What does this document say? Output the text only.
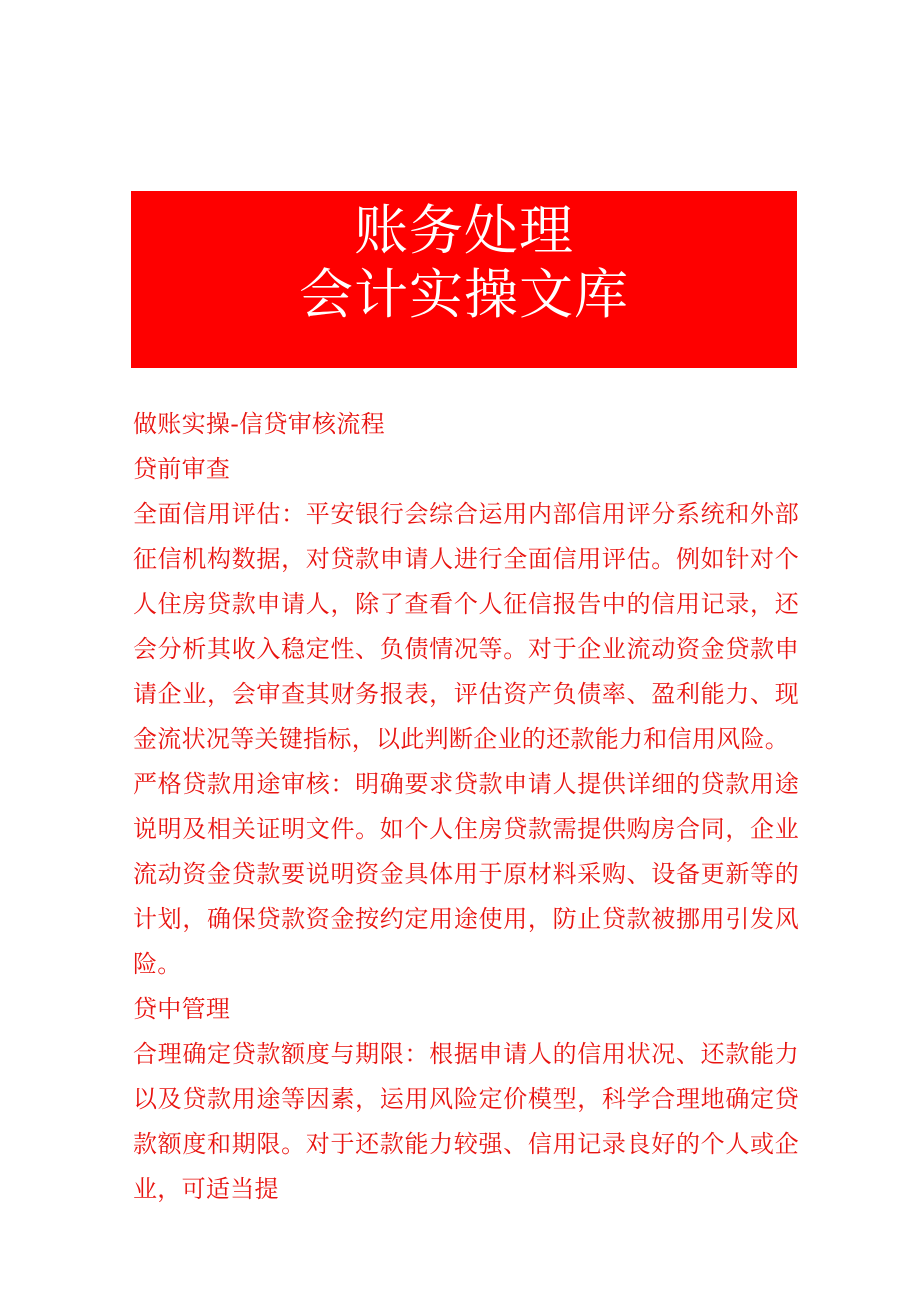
账务处理
会计实操文库

做账实操-信贷审核流程

贷前审查

全面信用评估：平安银行会综合运用内部信用评分系统和外部征信机构数据，对贷款申请人进行全面信用评估。例如针对个人住房贷款申请人，除了查看个人征信报告中的信用记录，还会分析其收入稳定性、负债情况等。对于企业流动资金贷款申请企业，会审查其财务报表，评估资产负债率、盈利能力、现金流状况等关键指标，以此判断企业的还款能力和信用风险。

严格贷款用途审核：明确要求贷款申请人提供详细的贷款用途说明及相关证明文件。如个人住房贷款需提供购房合同，企业流动资金贷款要说明资金具体用于原材料采购、设备更新等的计划，确保贷款资金按约定用途使用，防止贷款被挪用引发风险。

贷中管理

合理确定贷款额度与期限：根据申请人的信用状况、还款能力以及贷款用途等因素，运用风险定价模型，科学合理地确定贷款额度和期限。对于还款能力较强、信用记录良好的个人或企业，可适当提
